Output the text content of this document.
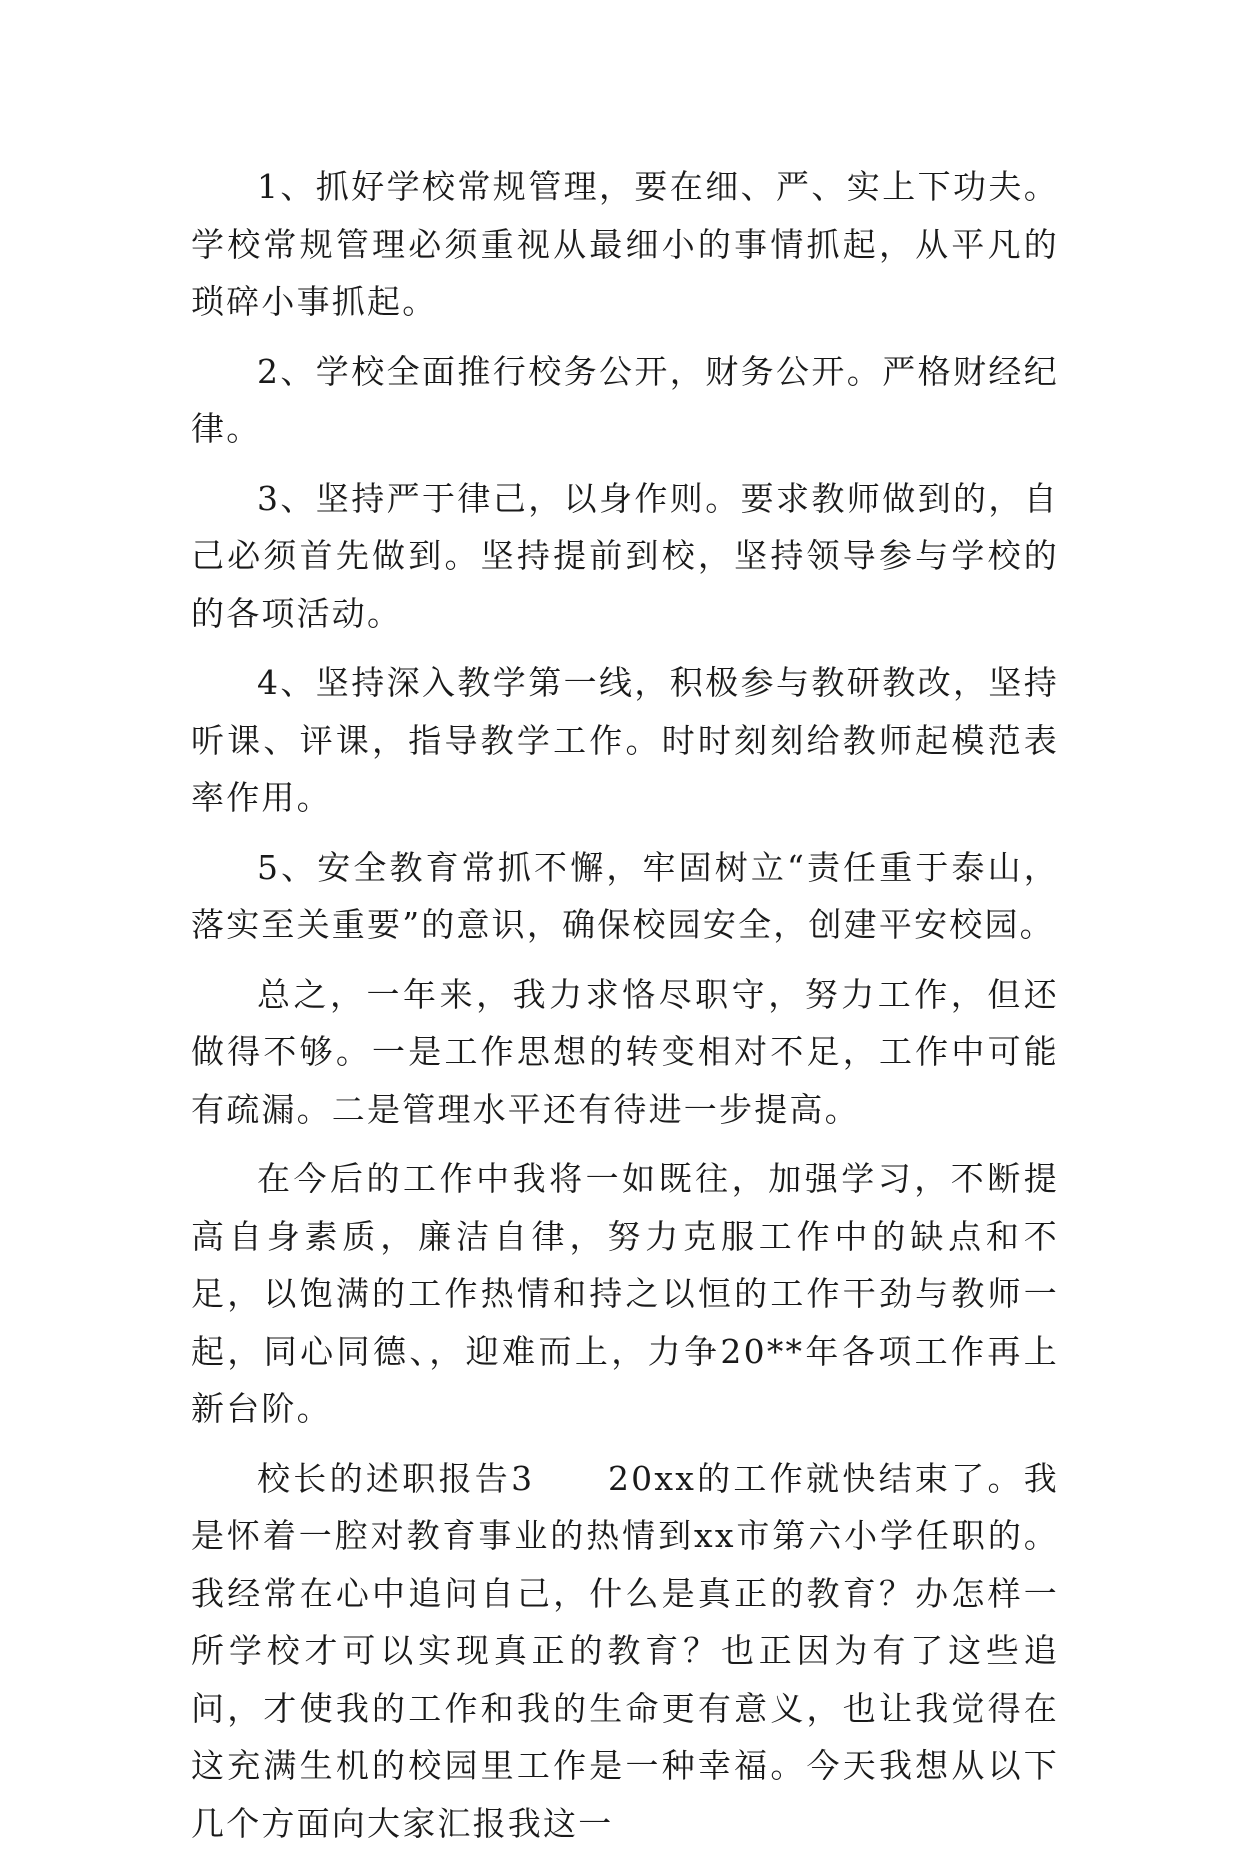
1、抓好学校常规管理，要在细、严、实上下功夫。学校常规管理必须重视从最细小的事情抓起，从平凡的琐碎小事抓起。

2、学校全面推行校务公开，财务公开。严格财经纪律。

3、坚持严于律己，以身作则。要求教师做到的，自己必须首先做到。坚持提前到校，坚持领导参与学校的的各项活动。

4、坚持深入教学第一线，积极参与教研教改，坚持听课、评课，指导教学工作。时时刻刻给教师起模范表率作用。

5、安全教育常抓不懈，牢固树立“责任重于泰山，落实至关重要”的意识，确保校园安全，创建平安校园。

总之，一年来，我力求恪尽职守，努力工作，但还做得不够。一是工作思想的转变相对不足，工作中可能有疏漏。二是管理水平还有待进一步提高。

在今后的工作中我将一如既往，加强学习，不断提高自身素质，廉洁自律，努力克服工作中的缺点和不足，以饱满的工作热情和持之以恒的工作干劲与教师一起，同心同德、，迎难而上，力争20**年各项工作再上新台阶。

校长的述职报告3　　20xx的工作就快结束了。我是怀着一腔对教育事业的热情到xx市第六小学任职的。我经常在心中追问自己，什么是真正的教育？办怎样一所学校才可以实现真正的教育？也正因为有了这些追问，才使我的工作和我的生命更有意义，也让我觉得在这充满生机的校园里工作是一种幸福。今天我想从以下几个方面向大家汇报我这一
